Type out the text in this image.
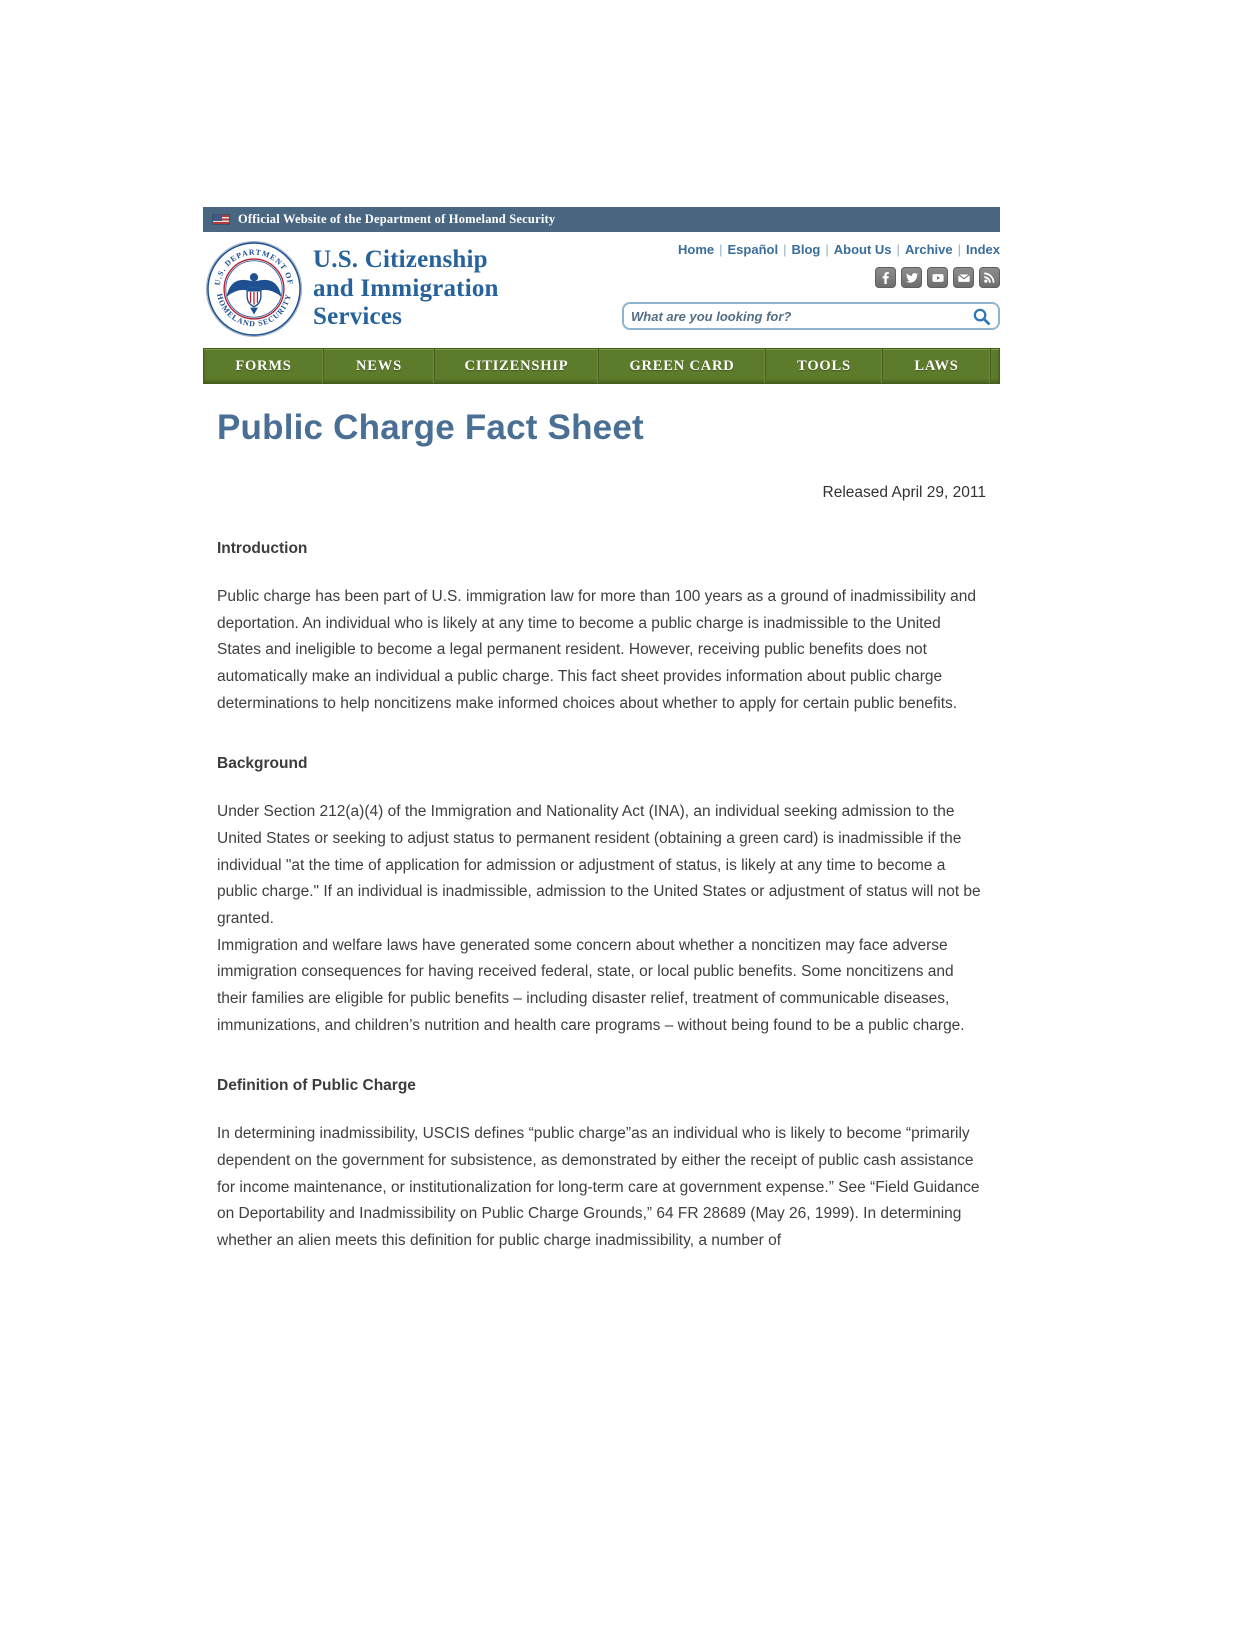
Official Website of the Department of Homeland Security
U.S. DEPARTMENT OF
HOMELAND SECURITY
U.S. Citizenship
and Immigration
Services
Home | Español | Blog | About Us | Archive | Index
What are you looking for?
FORMS	NEWS	CITIZENSHIP	GREEN CARD	TOOLS	LAWS
Public Charge Fact Sheet
Released April 29, 2011
Introduction

Public charge has been part of U.S. immigration law for more than 100 years as a ground of inadmissibility and deportation. An individual who is likely at any time to become a public charge is inadmissible to the United States and ineligible to become a legal permanent resident. However, receiving public benefits does not automatically make an individual a public charge. This fact sheet provides information about public charge determinations to help noncitizens make informed choices about whether to apply for certain public benefits.

Background

Under Section 212(a)(4) of the Immigration and Nationality Act (INA), an individual seeking admission to the United States or seeking to adjust status to permanent resident (obtaining a green card) is inadmissible if the individual "at the time of application for admission or adjustment of status, is likely at any time to become a public charge." If an individual is inadmissible, admission to the United States or adjustment of status will not be granted.

Immigration and welfare laws have generated some concern about whether a noncitizen may face adverse immigration consequences for having received federal, state, or local public benefits. Some noncitizens and their families are eligible for public benefits – including disaster relief, treatment of communicable diseases, immunizations, and children’s nutrition and health care programs – without being found to be a public charge.

Definition of Public Charge

In determining inadmissibility, USCIS defines “public charge”as an individual who is likely to become “primarily dependent on the government for subsistence, as demonstrated by either the receipt of public cash assistance for income maintenance, or institutionalization for long-term care at government expense.” See “Field Guidance on Deportability and Inadmissibility on Public Charge Grounds,” 64 FR 28689 (May 26, 1999). In determining whether an alien meets this definition for public charge inadmissibility, a number of
